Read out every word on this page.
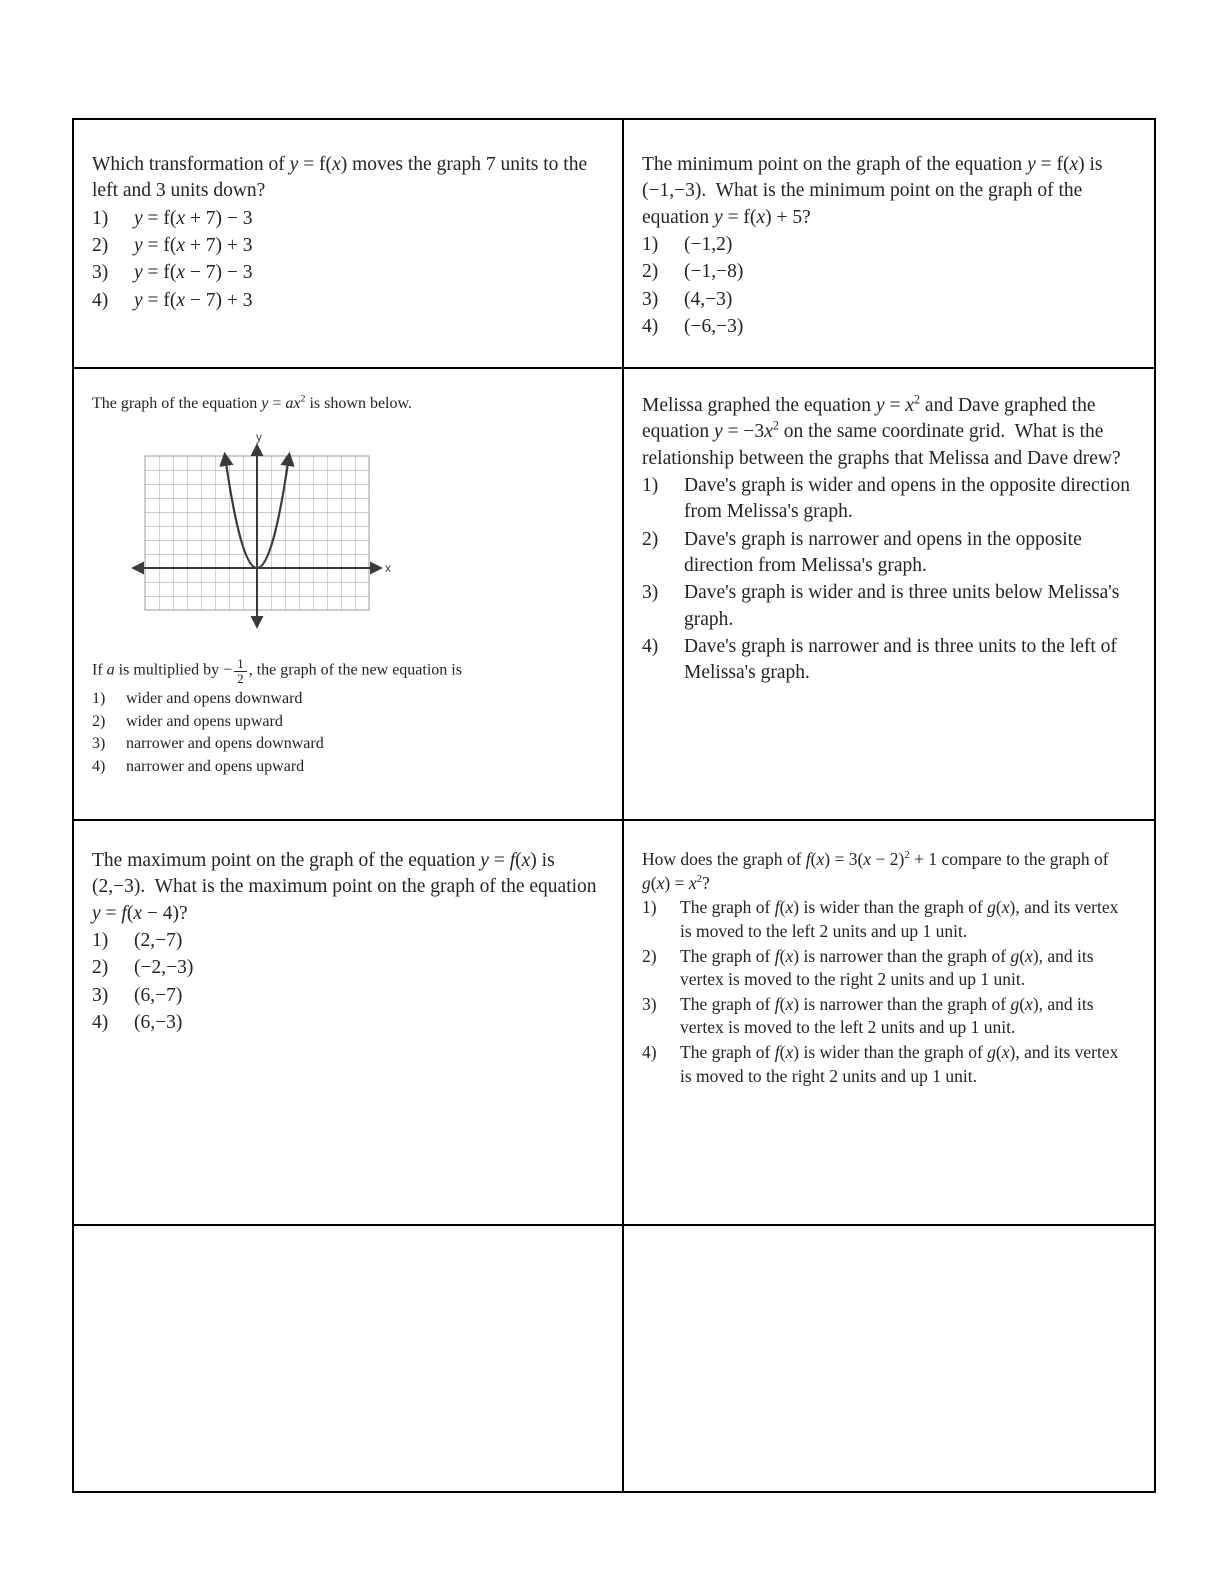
Which transformation of y = f(x) moves the graph 7 units to the left and 3 units down?
1)	y = f(x + 7) − 3
2)	y = f(x + 7) + 3
3)	y = f(x − 7) − 3
4)	y = f(x − 7) + 3
The minimum point on the graph of the equation y = f(x) is (−1,−3).  What is the minimum point on the graph of the equation y = f(x) + 5?
1)	(−1,2)
2)	(−1,−8)
3)	(4,−3)
4)	(−6,−3)
The graph of the equation $y = ax^2$ is shown below.
y
x
If a is multiplied by − $\frac{1}{2}$ , the graph of the new equation is
1)	wider and opens downward
2)	wider and opens upward
3)	narrower and opens downward
4)	narrower and opens upward
Melissa graphed the equation $y = x^2$ and Dave graphed the equation $y = -3x^2$ on the same coordinate grid.  What is the relationship between the graphs that Melissa and Dave drew?
1)	Dave's graph is wider and opens in the opposite direction from Melissa's graph.
2)	Dave's graph is narrower and opens in the opposite direction from Melissa's graph.
3)	Dave's graph is wider and is three units below Melissa's graph.
4)	Dave's graph is narrower and is three units to the left of Melissa's graph.
The maximum point on the graph of the equation y = f(x) is (2,−3).  What is the maximum point on the graph of the equation y = f(x − 4)?
1)	(2,−7)
2)	(−2,−3)
3)	(6,−7)
4)	(6,−3)
How does the graph of $f(x) = 3(x - 2)^2 + 1$ compare to the graph of $g(x) = x^2$?
1)	The graph of f(x) is wider than the graph of g(x), and its vertex is moved to the left 2 units and up 1 unit.
2)	The graph of f(x) is narrower than the graph of g(x), and its vertex is moved to the right 2 units and up 1 unit.
3)	The graph of f(x) is narrower than the graph of g(x), and its vertex is moved to the left 2 units and up 1 unit.
4)	The graph of f(x) is wider than the graph of g(x), and its vertex is moved to the right 2 units and up 1 unit.
